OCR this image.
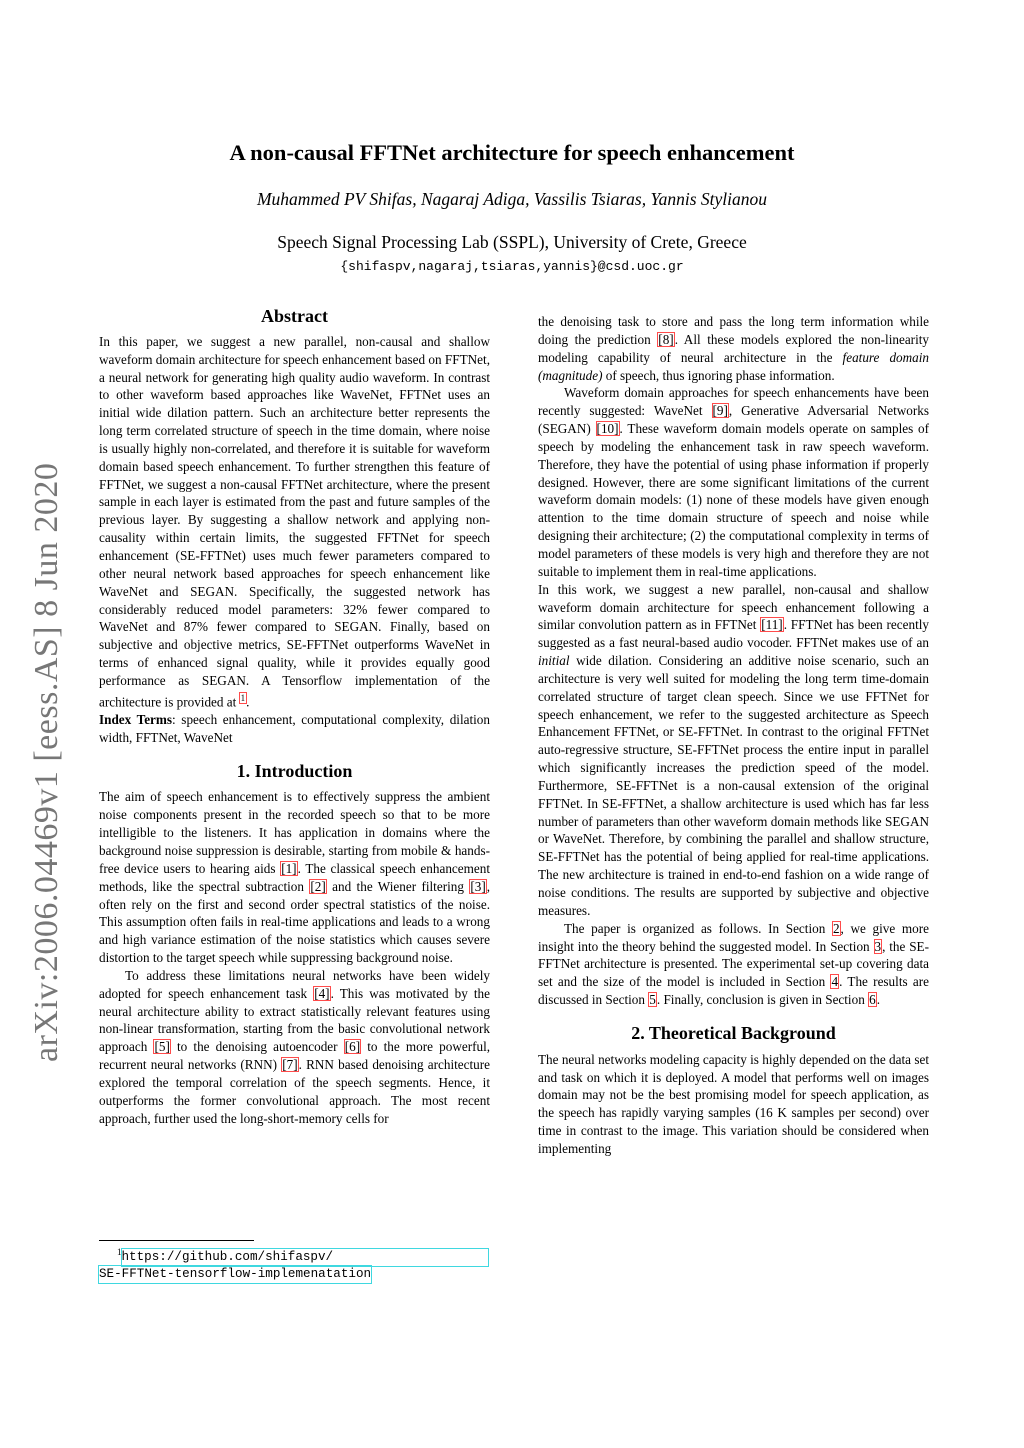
arXiv:2006.04469v1 [eess.AS] 8 Jun 2020
A non-causal FFTNet architecture for speech enhancement
Muhammed PV Shifas, Nagaraj Adiga, Vassilis Tsiaras, Yannis Stylianou
Speech Signal Processing Lab (SSPL), University of Crete, Greece
{shifaspv,nagaraj,tsiaras,yannis}@csd.uoc.gr
Abstract

In this paper, we suggest a new parallel, non-causal and shallow waveform domain architecture for speech enhancement based on FFTNet, a neural network for generating high quality audio waveform. In contrast to other waveform based approaches like WaveNet, FFTNet uses an initial wide dilation pattern. Such an architecture better represents the long term correlated structure of speech in the time domain, where noise is usually highly non-correlated, and therefore it is suitable for waveform domain based speech enhancement. To further strengthen this feature of FFTNet, we suggest a non-causal FFTNet architecture, where the present sample in each layer is estimated from the past and future samples of the previous layer. By suggesting a shallow network and applying non-causality within certain limits, the suggested FFTNet for speech enhancement (SE-FFTNet) uses much fewer parameters compared to other neural network based approaches for speech enhancement like WaveNet and SEGAN. Specifically, the suggested network has considerably reduced model parameters: 32% fewer compared to WaveNet and 87% fewer compared to SEGAN. Finally, based on subjective and objective metrics, SE-FFTNet outperforms WaveNet in terms of enhanced signal quality, while it provides equally good performance as SEGAN. A Tensorflow implementation of the architecture is provided at $^1$.

Index Terms: speech enhancement, computational complexity, dilation width, FFTNet, WaveNet

1. Introduction

The aim of speech enhancement is to effectively suppress the ambient noise components present in the recorded speech so that to be more intelligible to the listeners. It has application in domains where the background noise suppression is desirable, starting from mobile & hands-free device users to hearing aids [1]. The classical speech enhancement methods, like the spectral subtraction [2] and the Wiener filtering [3], often rely on the first and second order spectral statistics of the noise. This assumption often fails in real-time applications and leads to a wrong and high variance estimation of the noise statistics which causes severe distortion to the target speech while suppressing background noise.

To address these limitations neural networks have been widely adopted for speech enhancement task [4]. This was motivated by the neural architecture ability to extract statistically relevant features using non-linear transformation, starting from the basic convolutional network approach [5] to the denoising autoencoder [6] to the more powerful, recurrent neural networks (RNN) [7]. RNN based denoising architecture explored the temporal correlation of the speech segments. Hence, it outperforms the former convolutional approach. The most recent approach, further used the long-short-memory cells for

$^1$https://github.com/shifaspv/
SE-FFTNet-tensorflow-implemenatation

the denoising task to store and pass the long term information while doing the prediction [8]. All these models explored the non-linearity modeling capability of neural architecture in the feature domain (magnitude) of speech, thus ignoring phase information.

Waveform domain approaches for speech enhancements have been recently suggested: WaveNet [9], Generative Adversarial Networks (SEGAN) [10]. These waveform domain models operate on samples of speech by modeling the enhancement task in raw speech waveform. Therefore, they have the potential of using phase information if properly designed. However, there are some significant limitations of the current waveform domain models: (1) none of these models have given enough attention to the time domain structure of speech and noise while designing their architecture; (2) the computational complexity in terms of model parameters of these models is very high and therefore they are not suitable to implement them in real-time applications.

In this work, we suggest a new parallel, non-causal and shallow waveform domain architecture for speech enhancement following a similar convolution pattern as in FFTNet [11]. FFTNet has been recently suggested as a fast neural-based audio vocoder. FFTNet makes use of an initial wide dilation. Considering an additive noise scenario, such an architecture is very well suited for modeling the long term time-domain correlated structure of target clean speech. Since we use FFTNet for speech enhancement, we refer to the suggested architecture as Speech Enhancement FFTNet, or SE-FFTNet. In contrast to the original FFTNet auto-regressive structure, SE-FFTNet process the entire input in parallel which significantly increases the prediction speed of the model. Furthermore, SE-FFTNet is a non-causal extension of the original FFTNet. In SE-FFTNet, a shallow architecture is used which has far less number of parameters than other waveform domain methods like SEGAN or WaveNet. Therefore, by combining the parallel and shallow structure, SE-FFTNet has the potential of being applied for real-time applications. The new architecture is trained in end-to-end fashion on a wide range of noise conditions. The results are supported by subjective and objective measures.

The paper is organized as follows. In Section 2, we give more insight into the theory behind the suggested model. In Section 3, the SE-FFTNet architecture is presented. The experimental set-up covering data set and the size of the model is included in Section 4. The results are discussed in Section 5. Finally, conclusion is given in Section 6.

2. Theoretical Background

The neural networks modeling capacity is highly depended on the data set and task on which it is deployed. A model that performs well on images domain may not be the best promising model for speech application, as the speech has rapidly varying samples (16 K samples per second) over time in contrast to the image. This variation should be considered when implementing
